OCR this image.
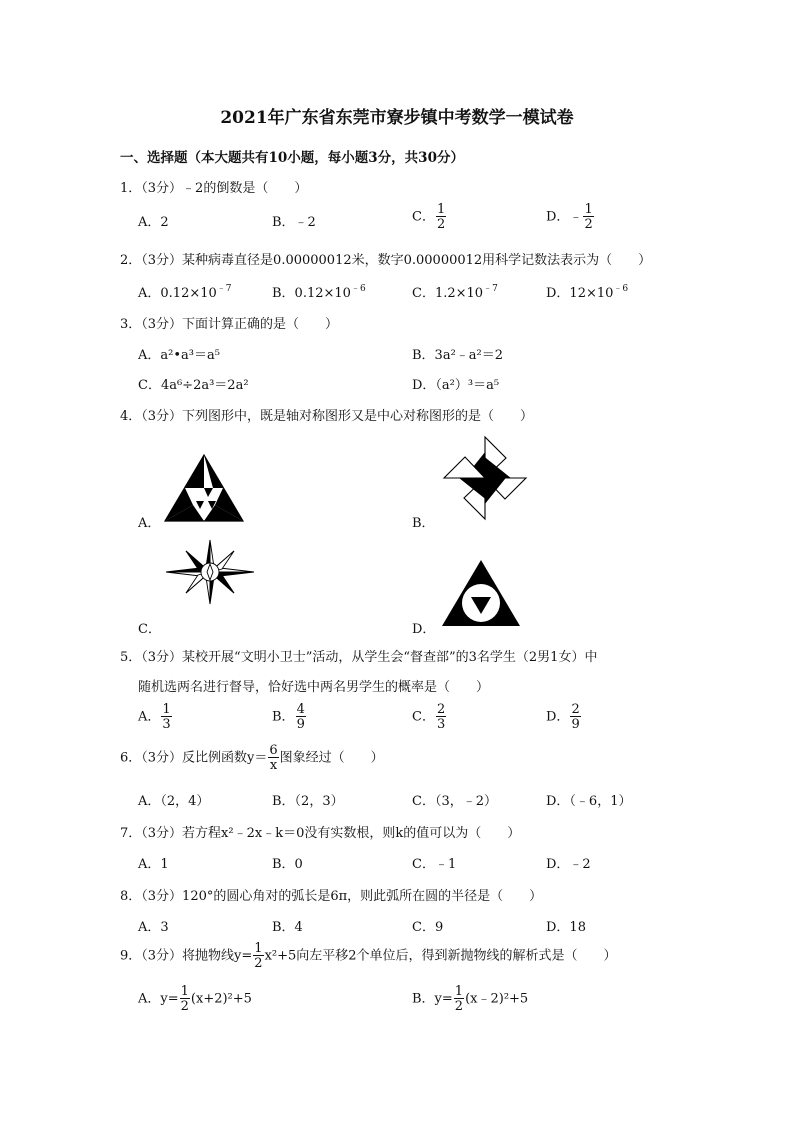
2021年广东省东莞市寮步镇中考数学一模试卷
一、选择题（本大题共有10小题，每小题3分，共30分）
1．（3分）﹣2的倒数是（　　）
A．2	B．﹣2	C． $\frac{1}{2}$	D．﹣ $\frac{1}{2}$
2．（3分）某种病毒直径是0.00000012米，数字0.00000012用科学记数法表示为（　　）
A．$0.12\times 10^{﹣7}$	B．$0.12\times 10^{﹣6}$	C．$1.2\times 10^{﹣7}$	D．$12\times 10^{﹣6}$
3．（3分）下面计算正确的是（　　）
A．a²•a³＝a⁵	B．3a²﹣a²＝2
C．4a⁶÷2a³＝2a²	D．（a²）³＝a⁵
4．（3分）下列图形中，既是轴对称图形又是中心对称图形的是（　　）
A．	B．
C．	D．
5．（3分）某校开展“文明小卫士”活动，从学生会“督查部”的3名学生（2男1女）中
随机选两名进行督导，恰好选中两名男学生的概率是（　　）
A． $\frac{1}{3}$	B． $\frac{4}{9}$	C． $\frac{2}{3}$	D． $\frac{2}{9}$
6．（3分）反比例函数$y= \frac{6}{x}$ 图象经过（　　）
A．（2，4）	B．（2，3）	C．（3，﹣2）	D．（﹣6，1）
7．（3分）若方程x²﹣2x﹣k＝0没有实数根，则k的值可以为（　　）
A．1	B．0	C．﹣1	D．﹣2
8．（3分）120°的圆心角对的弧长是6π，则此弧所在圆的半径是（　　）
A．3	B．4	C．9	D．18
9．（3分）将抛物线$y= \frac{1}{2} x^2+5$向左平移2个单位后，得到新抛物线的解析式是（　　）
A．$y= \frac{1}{2} (x+2)^2+5$	B．$y= \frac{1}{2}$ (x﹣2)²+5
